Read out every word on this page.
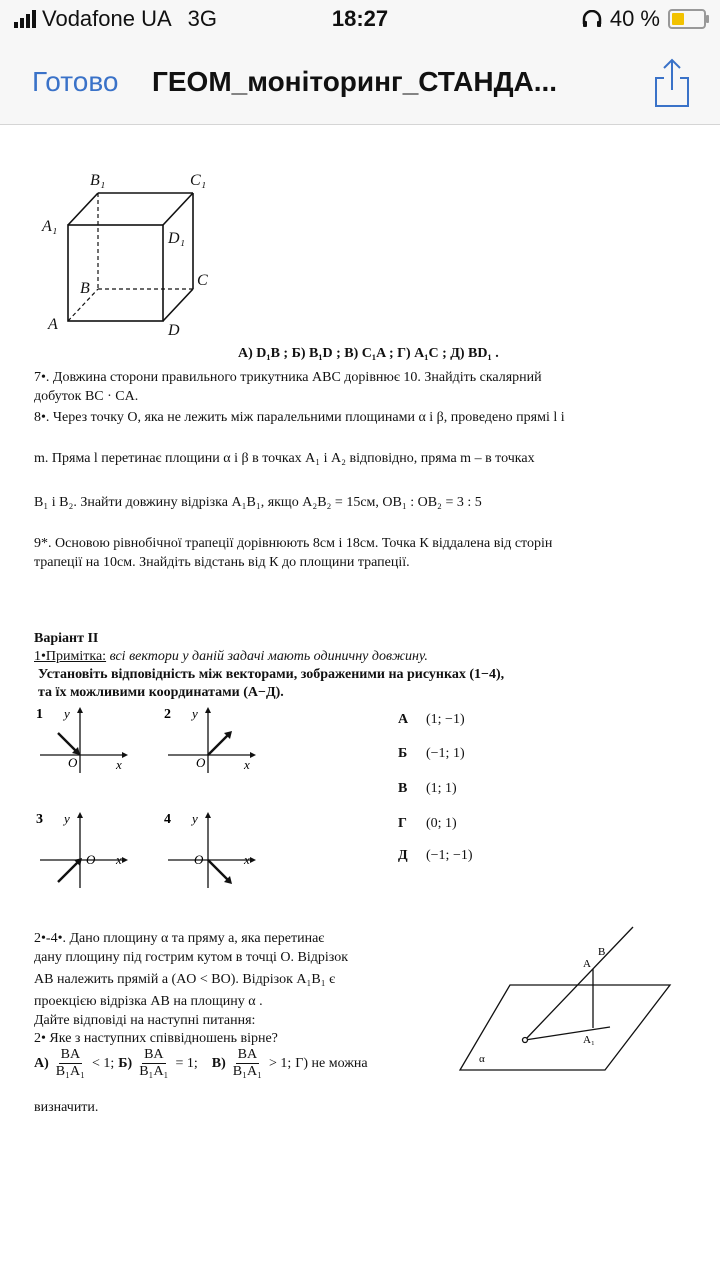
Vodafone UA 3G	18:27	40 %
Готово ГЕОМ_моніторинг_СТАНДА...
B₁	C₁
A₁
D₁
B	C
A	D
А) D₁B ; Б) B₁D ; В) C₁A ; Г) A₁C ; Д) BD₁ .
7•. Довжина сторони правильного трикутника АВС дорівнює 10. Знайдіть скалярний
добуток BC · CA.
8•. Через точку О, яка не лежить між паралельними площинами α і β, проведено прямі l і
m. Пряма l перетинає площини α і β в точках A₁ і A₂ відповідно, пряма m – в точках
B₁ і B₂. Знайти довжину відрізка A₁B₁, якщо A₂B₂ = 15см, OB₁ : OB₂ = 3 : 5
9*. Основою рівнобічної трапеції дорівнюють 8см і 18см. Точка К віддалена від сторін
трапеції на 10см. Знайдіть відстань від К до площини трапеції.
Варіант II
1•Примітка: всі вектори у даній задачі мають одиничну довжину.
Установіть відповідність між векторами, зображеними на рисунках (1−4),
та їх можливими координатами (А−Д).
1 y
O	x
2 y
O	x
3 y
O x
4 y
O	x
А (1; −1)
Б (−1; 1)
В (1; 1)
Г (0; 1)
Д (−1; −1)
2•-4•. Дано площину α та пряму a, яка перетинає
дану площину під гострим кутом в точці О. Відрізок
AB належить прямій a (AO < BO). Відрізок A₁B₁ є
проекцією відрізка АВ на площину α .
Дайте відповіді на наступні питання:
2• Яке з наступних співвідношень вірне?
$А) \frac{BA}{\text{B₁A₁}} < 1$; $Б) \frac{BA}{\text{B₁A₁}} = 1$; $В) \frac{BA}{\text{B₁A₁}} > 1$; Г) не можна
визначити.
A
B
A₁
α
